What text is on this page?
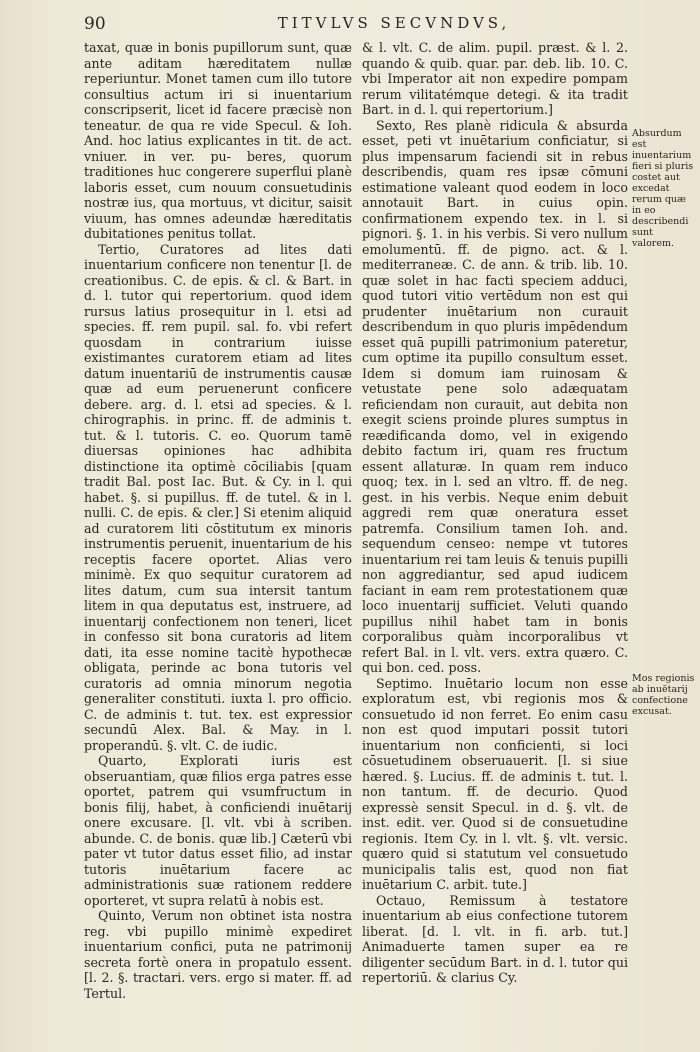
90	TITVLVS SECVNDVS,

taxat, quæ in bonis pupillorum sunt, quæ ante aditam hæreditatem nullæ reperiuntur. Monet tamen cum illo tutore consultius actum iri si inuentarium conscripserit, licet id facere præcisè non teneatur. de qua re vide Specul. & Ioh. And. hoc latius explicantes in tit. de act. vniuer. in ver. pu- beres, quorum traditiones huc congerere superflui planè laboris esset, cum nouum consuetudinis nostræ ius, qua mortuus, vt dicitur, saisit viuum, has omnes adeundæ hæreditatis dubitationes penitus tollat.

Tertio, Curatores ad lites dati inuentarium conficere non tenentur [l. de creationibus. C. de epis. & cl. & Bart. in d. l. tutor qui repertorium. quod idem rursus latius prosequitur in l. etsi ad species. ff. rem pupil. sal. fo. vbi refert quosdam in contrarium iuisse existimantes curatorem etiam ad lites datum inuentariū de instrumentis causæ quæ ad eum peruenerunt conficere debere. arg. d. l. etsi ad species. & l. chirographis. in princ. ff. de adminis t. tut. & l. tutoris. C. eo. Quorum tamē diuersas opiniones hac adhibita distinctione ita optimè cōciliabis [quam tradit Bal. post Iac. But. & Cy. in l. qui habet. §. si pupillus. ff. de tutel. & in l. nulli. C. de epis. & cler.] Si etenim aliquid ad curatorem liti cōstitutum ex minoris instrumentis peruenit, inuentarium de his receptis facere oportet. Alias vero minimè. Ex quo sequitur curatorem ad lites datum, cum sua intersit tantum litem in qua deputatus est, instruere, ad inuentarij confectionem non teneri, licet in confesso sit bona curatoris ad litem dati, ita esse nomine tacitè hypothecæ obligata, perinde ac bona tutoris vel curatoris ad omnia minorum negotia generaliter constituti. iuxta l. pro officio. C. de adminis t. tut. tex. est expressior secundū Alex. Bal. & May. in l. properandū. §. vlt. C. de iudic.

Quarto, Explorati iuris est obseruantiam, quæ filios erga patres esse oportet, patrem qui vsumfructum in bonis filij, habet, à conficiendi inuētarij onere excusare. [l. vlt. vbi à scriben. abunde. C. de bonis. quæ lib.] Cæterū vbi pater vt tutor datus esset filio, ad instar tutoris inuētarium facere ac administrationis suæ rationem reddere oporteret, vt supra relatū à nobis est.

Quinto, Verum non obtinet ista nostra reg. vbi pupillo minimè expediret inuentarium confici, puta ne patrimonij secreta fortè onera in propatulo essent. [l. 2. §. tractari. vers. ergo si mater. ff. ad Tertul.

& l. vlt. C. de alim. pupil. præst. & l. 2. quando & quib. quar. par. deb. lib. 10. C. vbi Imperator ait non expedire pompam rerum vilitatémque detegi. & ita tradit Bart. in d. l. qui repertorium.]

Sexto, Res planè ridicula & absurda esset, peti vt inuētarium conficiatur, si plus impensarum faciendi sit in rebus describendis, quam res ipsæ cōmuni estimatione valeant quod eodem in loco annotauit Bart. in cuius opin. confirmationem expendo tex. in l. si pignori. §. 1. in his verbis. Si vero nullum emolumentū. ff. de pigno. act. & l. mediterraneæ. C. de ann. & trib. lib. 10. quæ solet in hac facti speciem adduci, quod tutori vitio vertēdum non est qui prudenter inuētarium non curauit describendum in quo pluris impēdendum esset quā pupilli patrimonium pateretur, cum optime ita pupillo consultum esset. Idem si domum iam ruinosam & vetustate pene solo adæquatam reficiendam non curauit, aut debita non exegit sciens proinde plures sumptus in reædificanda domo, vel in exigendo debito factum iri, quam res fructum essent allaturæ. In quam rem induco quoq; tex. in l. sed an vltro. ff. de neg. gest. in his verbis. Neque enim debuit aggredi rem quæ oneratura esset patremfa. Consilium tamen Ioh. and. sequendum censeo: nempe vt tutores inuentarium rei tam leuis & tenuis pupilli non aggrediantur, sed apud iudicem faciant in eam rem protestationem quæ loco inuentarij sufficiet. Veluti quando pupillus nihil habet tam in bonis corporalibus quàm incorporalibus vt refert Bal. in l. vlt. vers. extra quæro. C. qui bon. ced. poss.

Septimo. Inuētario locum non esse exploratum est, vbi regionis mos & consuetudo id non ferret. Eo enim casu non est quod imputari possit tutori inuentarium non conficienti, si loci cōsuetudinem obseruauerit. [l. si siue hæred. §. Lucius. ff. de adminis t. tut. l. non tantum. ff. de decurio. Quod expressè sensit Specul. in d. §. vlt. de inst. edit. ver. Quod si de consuetudine regionis. Item Cy. in l. vlt. §. vlt. versic. quæro quid si statutum vel consuetudo municipalis talis est, quod non fiat inuētarium C. arbit. tute.]

Octauo, Remissum à testatore inuentarium ab eius confectione tutorem liberat. [d. l. vlt. in fi. arb. tut.] Animaduerte tamen super ea re diligenter secūdum Bart. in d. l. tutor qui repertoriū. & clarius Cy.

Absurdum est inuentarium fieri si pluris costet aut excedat rerum quæ in eo describendi sunt valorem.
Mos regionis ab inuētarij confectione excusat.
